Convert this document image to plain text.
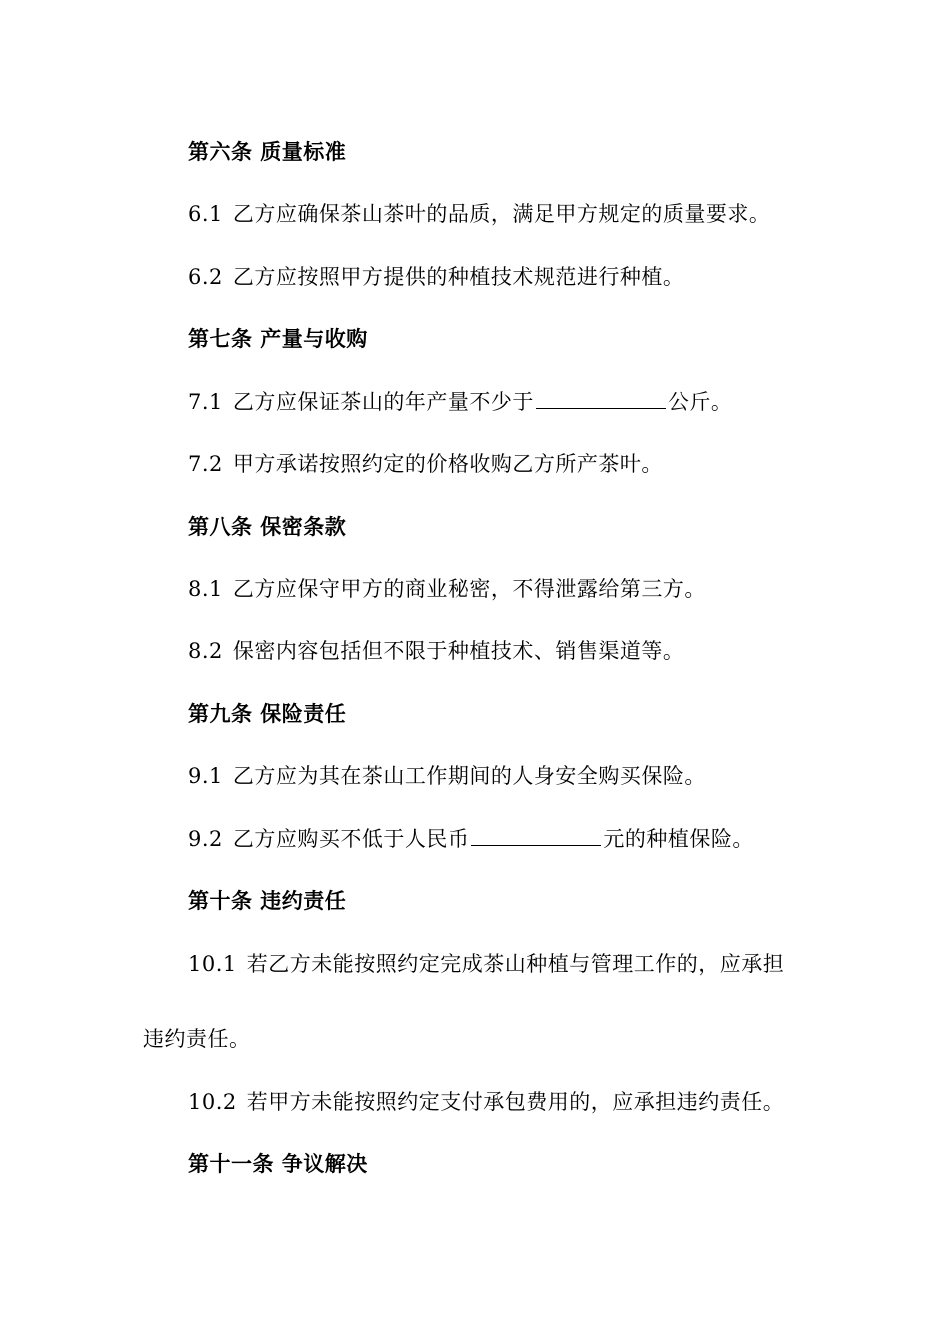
第六条 质量标准
6.1 乙方应确保茶山茶叶的品质，满足甲方规定的质量要求。
6.2 乙方应按照甲方提供的种植技术规范进行种植。
第七条 产量与收购
7.1 乙方应保证茶山的年产量不少于	公斤。
7.2 甲方承诺按照约定的价格收购乙方所产茶叶。
第八条 保密条款
8.1 乙方应保守甲方的商业秘密，不得泄露给第三方。
8.2 保密内容包括但不限于种植技术、销售渠道等。
第九条 保险责任
9.1 乙方应为其在茶山工作期间的人身安全购买保险。
9.2 乙方应购买不低于人民币	元的种植保险。
第十条 违约责任
10.1 若乙方未能按照约定完成茶山种植与管理工作的，应承担
违约责任。
10.2 若甲方未能按照约定支付承包费用的，应承担违约责任。
第十一条 争议解决
